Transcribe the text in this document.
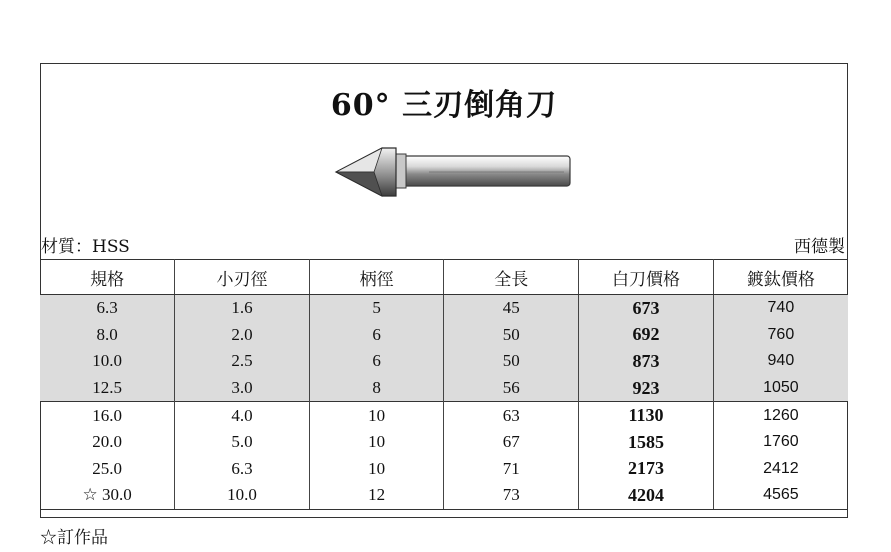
60° 三刃倒角刀
材質：HSS	西德製
規格	小刃徑	柄徑	全長	白刀價格	鍍鈦價格
6.3	1.6	5	45	673	740
8.0	2.0	6	50	692	760
10.0	2.5	6	50	873	940
12.5	3.0	8	56	923	1050
16.0	4.0	10	63	1130	1260
20.0	5.0	10	67	1585	1760
25.0	6.3	10	71	2173	2412
☆ 30.0	10.0	12	73	4204	4565
☆訂作品
